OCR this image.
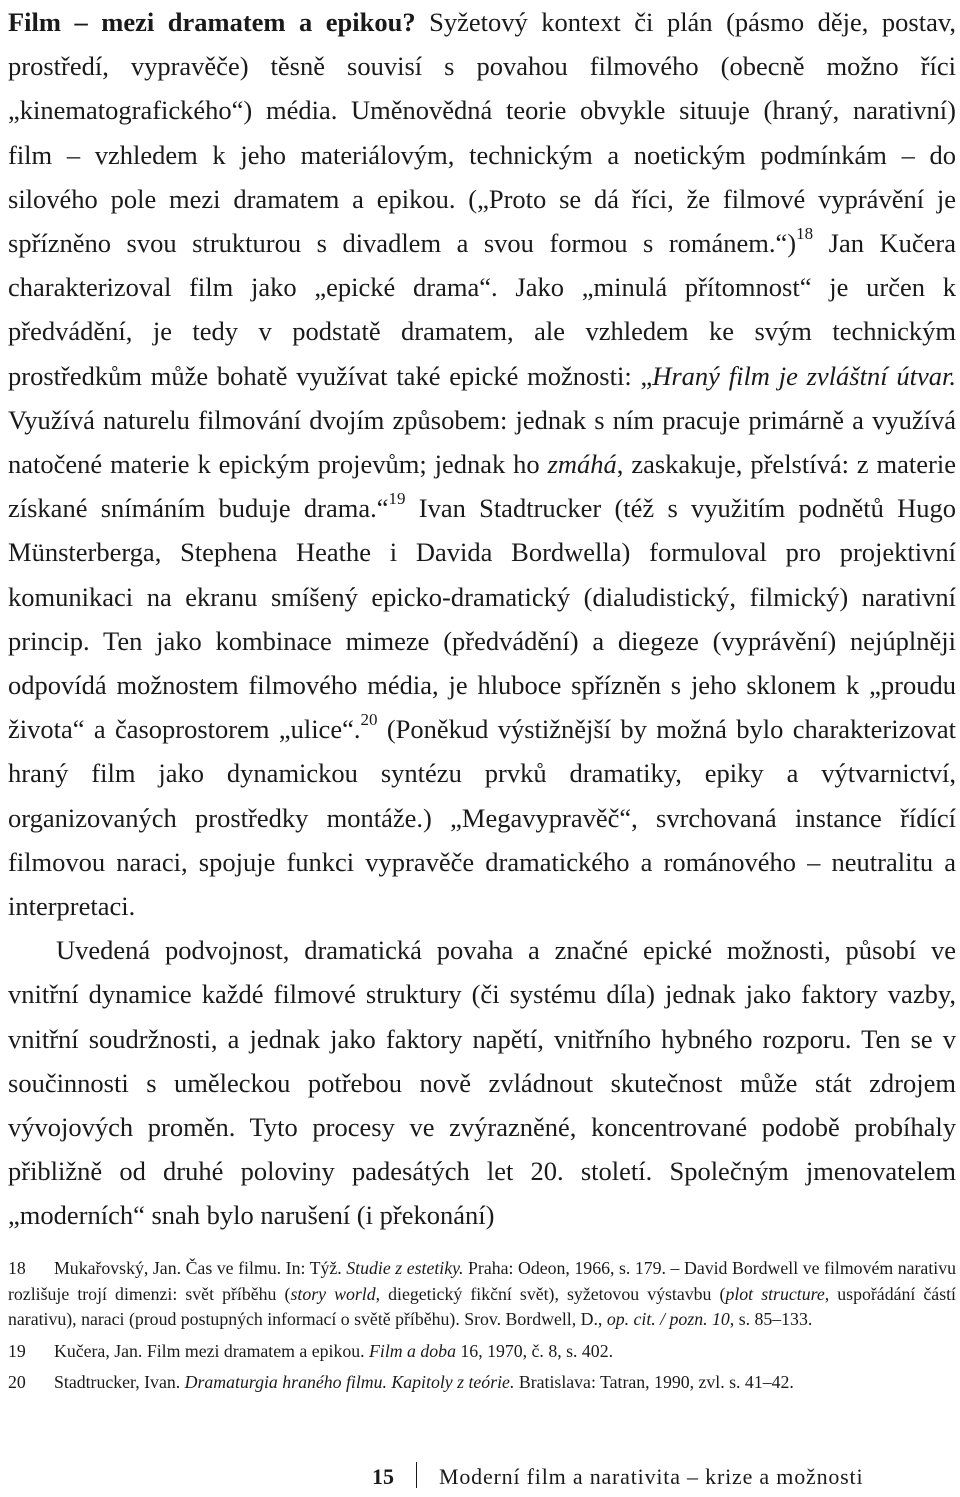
Film – mezi dramatem a epikou? Syžetový kontext či plán (pásmo děje, postav, prostředí, vypravěče) těsně souvisí s povahou filmového (obecně možno říci „kinematografického“) média. Uměnovědná teorie obvykle situuje (hraný, narativní) film – vzhledem k jeho materiálovým, technickým a noetickým podmínkám – do silového pole mezi dramatem a epikou. („Proto se dá říci, že filmové vyprávění je spřízněno svou strukturou s divadlem a svou formou s románem.“)$^{18}$ Jan Kučera charakterizoval film jako „epické drama“. Jako „minulá přítomnost“ je určen k předvádění, je tedy v podstatě dramatem, ale vzhledem ke svým technickým prostředkům může bohatě využívat také epické možnosti: „Hraný film je zvláštní útvar. Využívá naturelu filmování dvojím způsobem: jednak s ním pracuje primárně a využívá natočené materie k epickým projevům; jednak ho zmáhá, zaskakuje, přelstívá: z materie získané snímáním buduje drama.“$^{19}$ Ivan Stadtrucker (též s využitím podnětů Hugo Münsterberga, Stephena Heathe i Davida Bordwella) formuloval pro projektivní komunikaci na ekranu smíšený epicko-dramatický (dialudistický, filmický) narativní princip. Ten jako kombinace mimeze (předvádění) a diegeze (vyprávění) nejúplněji odpovídá možnostem filmového média, je hluboce spřízněn s jeho sklonem k „proudu života“ a časoprostorem „ulice“.$^{20}$ (Poněkud výstižnější by možná bylo charakterizovat hraný film jako dynamickou syntézu prvků dramatiky, epiky a výtvarnictví, organizovaných prostředky montáže.) „Megavypravěč“, svrchovaná instance řídící filmovou naraci, spojuje funkci vypravěče dramatického a románového – neutralitu a interpretaci.

Uvedená podvojnost, dramatická povaha a značné epické možnosti, působí ve vnitřní dynamice každé filmové struktury (či systému díla) jednak jako faktory vazby, vnitřní soudržnosti, a jednak jako faktory napětí, vnitřního hybného rozporu. Ten se v součinnosti s uměleckou potřebou nově zvládnout skutečnost může stát zdrojem vývojových proměn. Tyto procesy ve zvýrazněné, koncentrované podobě probíhaly přibližně od druhé poloviny padesátých let 20. století. Společným jmenovatelem „moderních“ snah bylo narušení (i překonání)

18 Mukařovský, Jan. Čas ve filmu. In: Týž. Studie z estetiky. Praha: Odeon, 1966, s. 179. – David Bordwell ve filmovém narativu rozlišuje trojí dimenzi: svět příběhu (story world, diegetický fikční svět), syžetovou výstavbu (plot structure, uspořádání částí narativu), naraci (proud postupných informací o světě příběhu). Srov. Bordwell, D., op. cit. / pozn. 10, s. 85–133.

19 Kučera, Jan. Film mezi dramatem a epikou. Film a doba 16, 1970, č. 8, s. 402.

20 Stadtrucker, Ivan. Dramaturgia hraného filmu. Kapitoly z teórie. Bratislava: Tatran, 1990, zvl. s. 41–42.

15 Moderní film a narativita – krize a možnosti
